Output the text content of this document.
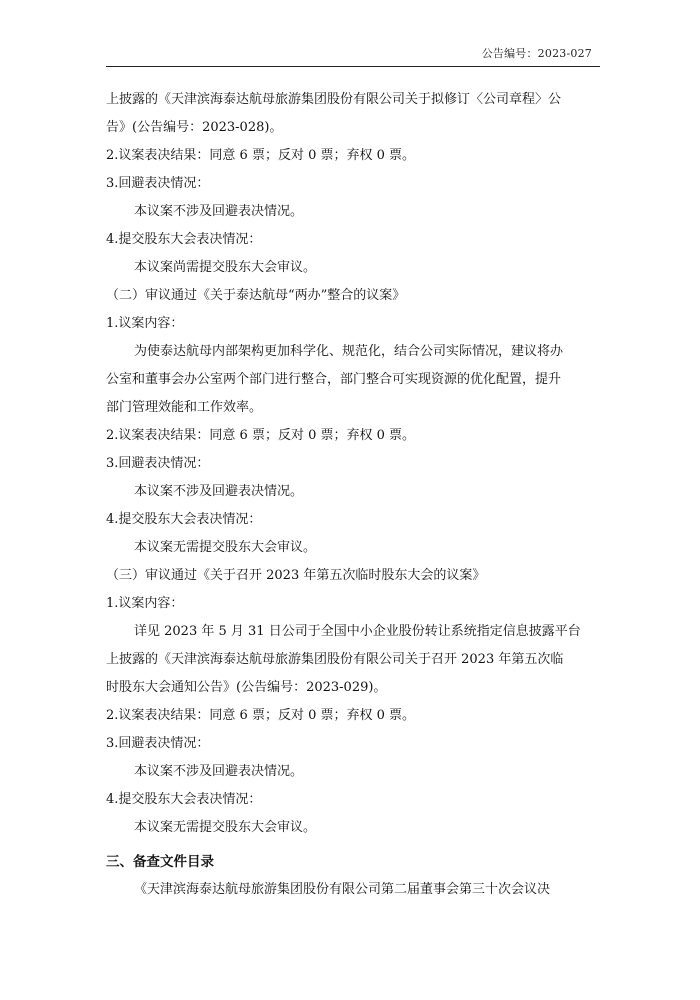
公告编号：2023-027
上披露的《天津滨海泰达航母旅游集团股份有限公司关于拟修订〈公司章程〉公
告》(公告编号：2023-028)。
2.议案表决结果：同意 6 票；反对 0 票；弃权 0 票。
3.回避表决情况：
本议案不涉及回避表决情况。
4.提交股东大会表决情况：
本议案尚需提交股东大会审议。
（二）审议通过《关于泰达航母“两办”整合的议案》
1.议案内容：
为使泰达航母内部架构更加科学化、规范化，结合公司实际情况，建议将办
公室和董事会办公室两个部门进行整合，部门整合可实现资源的优化配置，提升
部门管理效能和工作效率。
2.议案表决结果：同意 6 票；反对 0 票；弃权 0 票。
3.回避表决情况：
本议案不涉及回避表决情况。
4.提交股东大会表决情况：
本议案无需提交股东大会审议。
（三）审议通过《关于召开 2023 年第五次临时股东大会的议案》
1.议案内容：
详见 2023 年 5 月 31 日公司于全国中小企业股份转让系统指定信息披露平台
上披露的《天津滨海泰达航母旅游集团股份有限公司关于召开 2023 年第五次临
时股东大会通知公告》(公告编号：2023-029)。
2.议案表决结果：同意 6 票；反对 0 票；弃权 0 票。
3.回避表决情况：
本议案不涉及回避表决情况。
4.提交股东大会表决情况：
本议案无需提交股东大会审议。
三、备查文件目录
《天津滨海泰达航母旅游集团股份有限公司第二届董事会第三十次会议决
